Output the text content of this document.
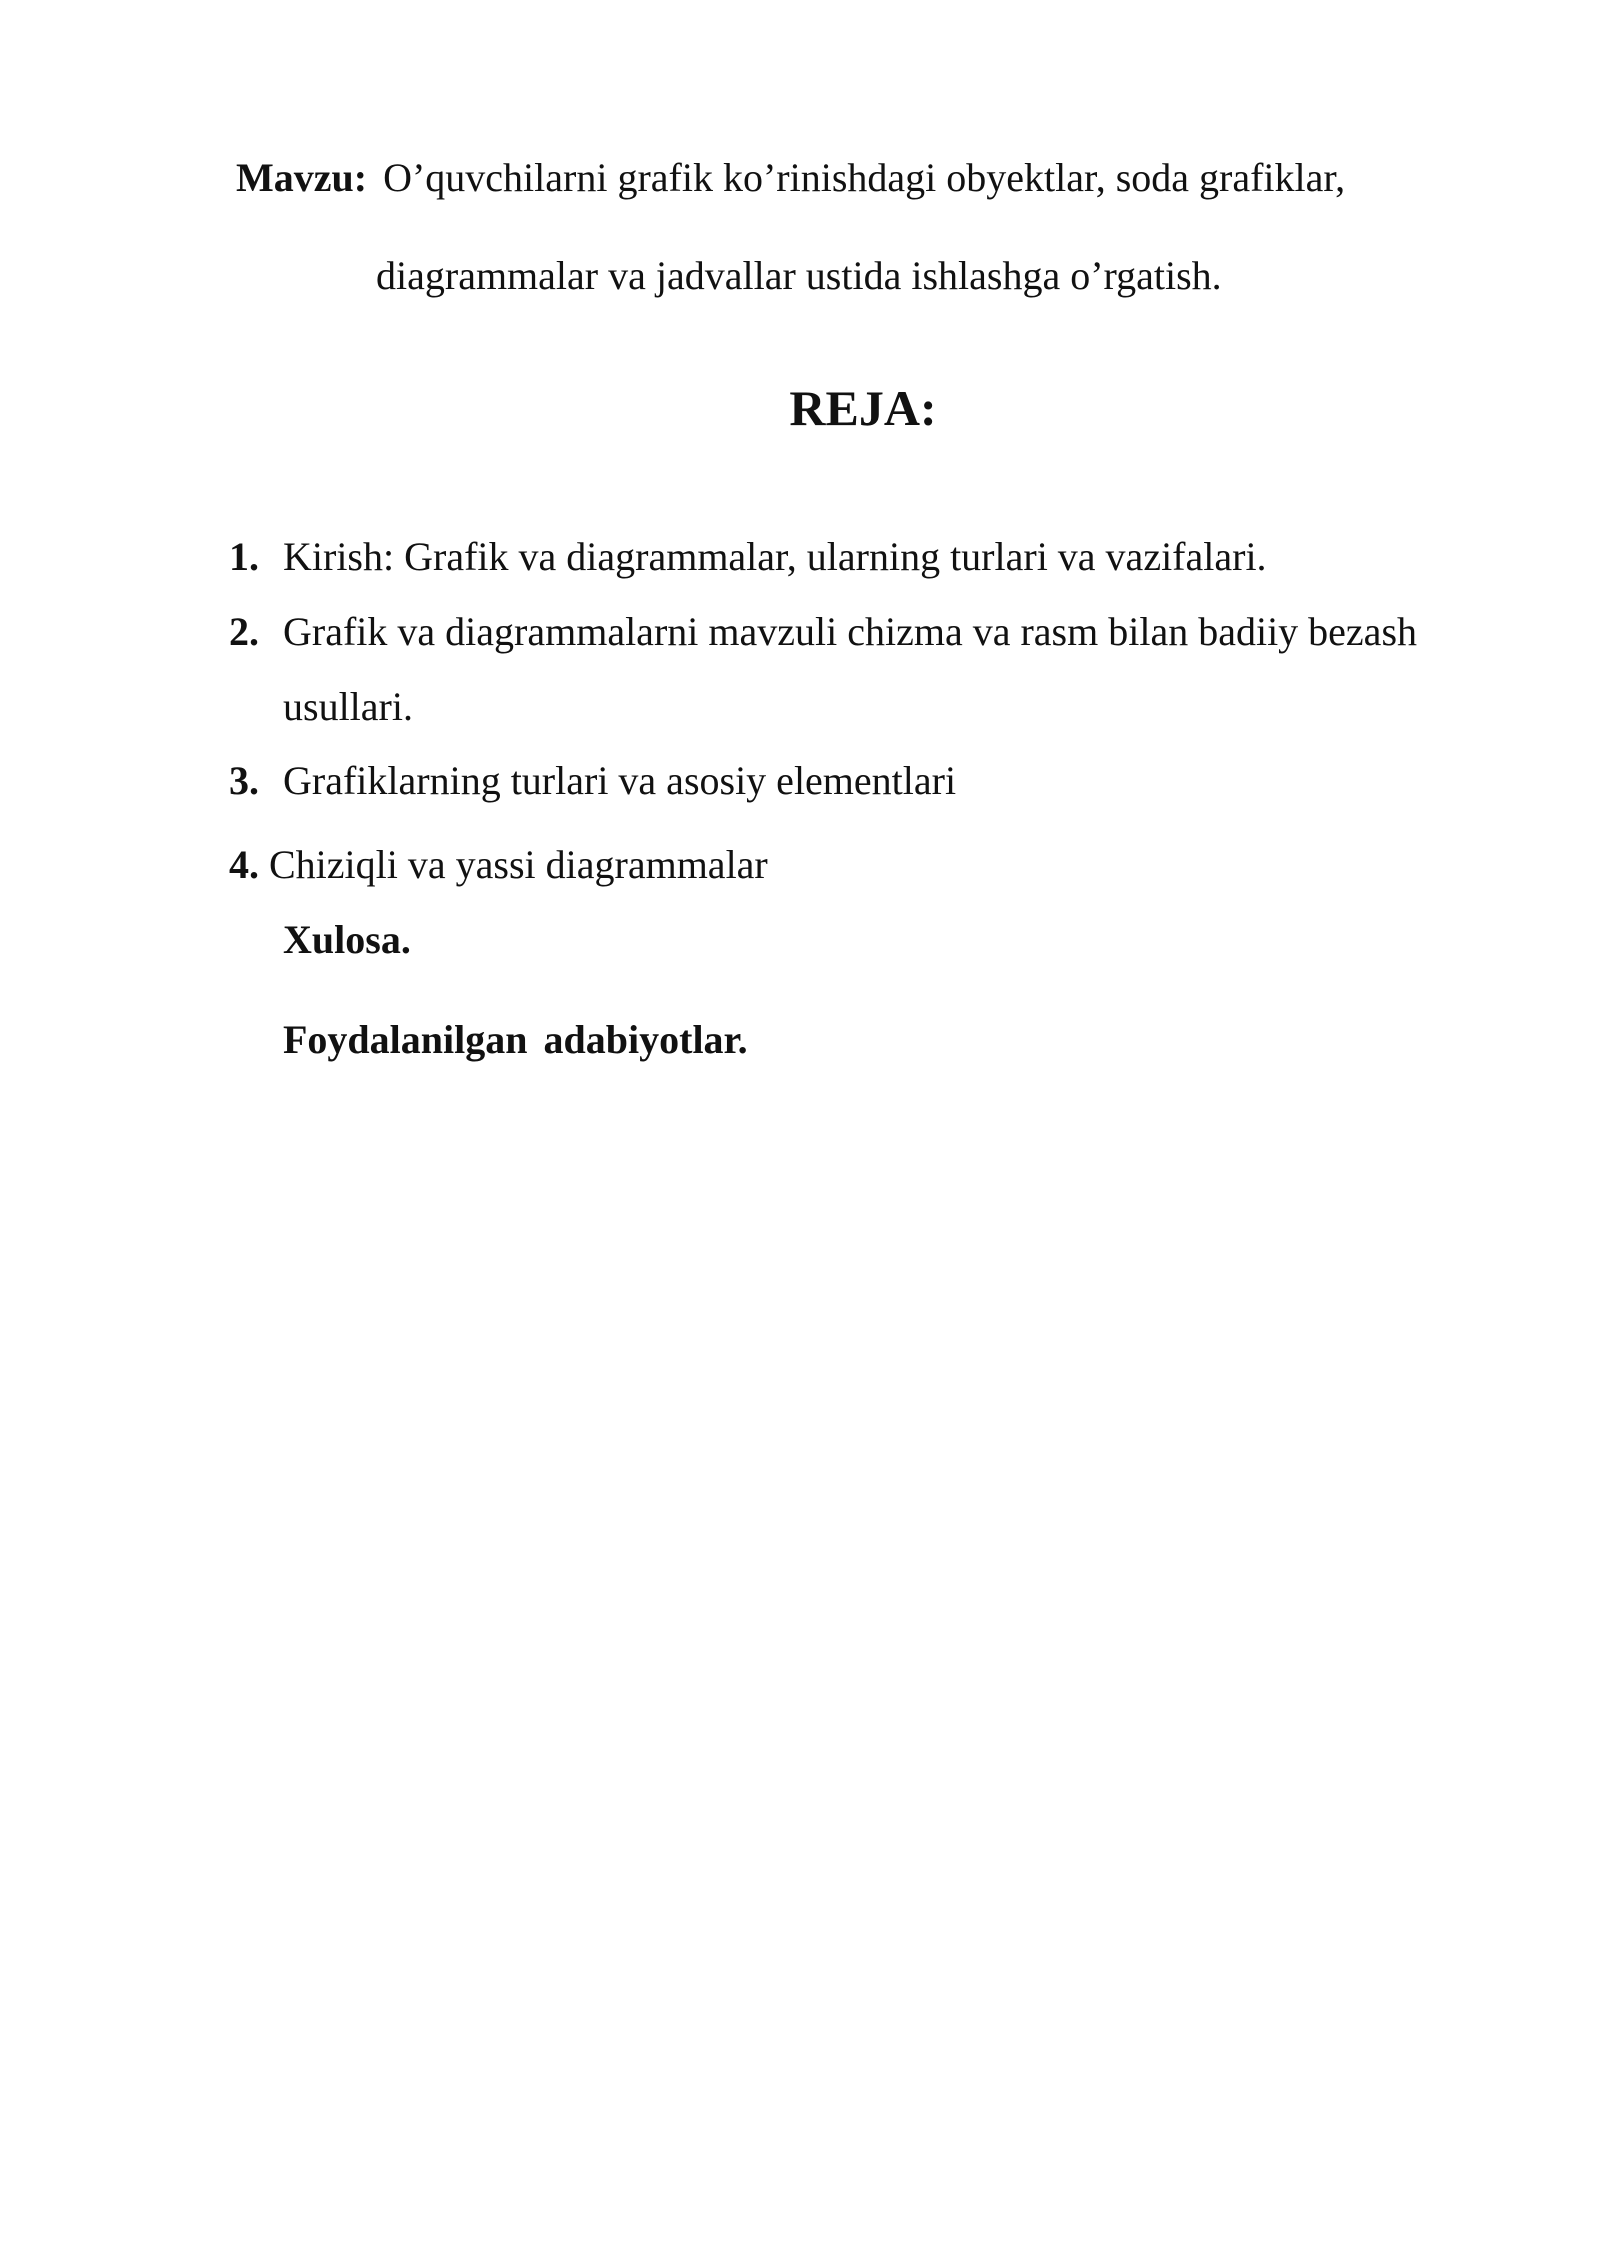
Mavzu: O’quvchilarni grafik ko’rinishdagi obyektlar, soda grafiklar,
diagrammalar va jadvallar ustida ishlashga o’rgatish.
REJA:
1. Kirish: Grafik va diagrammalar, ularning turlari va vazifalari.
2. Grafik va diagrammalarni mavzuli chizma va rasm bilan badiiy bezash
usullari.
3. Grafiklarning turlari va asosiy elementlari
4. Chiziqli va yassi diagrammalar
Xulosa.
Foydalanilgan adabiyotlar.
